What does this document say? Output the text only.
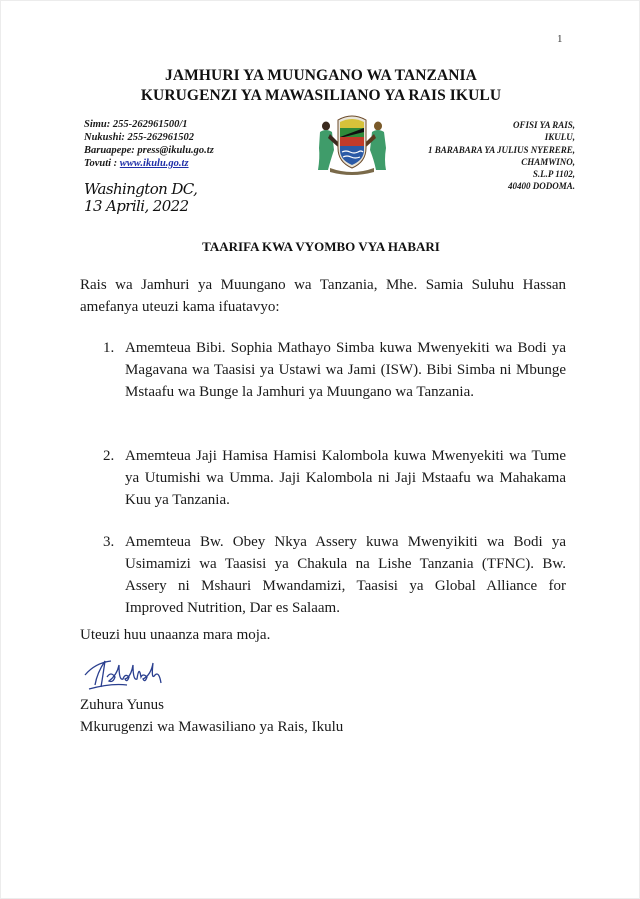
1
JAMHURI YA MUUNGANO WA TANZANIA
KURUGENZI YA MAWASILIANO YA RAIS IKULU
Simu: 255-262961500/1
Nukushi: 255-262961502
Baruapepe: press@ikulu.go.tz
Tovuti : www.ikulu.go.tz
OFISI YA RAIS,
IKULU,
1 BARABARA YA JULIUS NYERERE,
CHAMWINO,
S.L.P 1102,
40400 DODOMA.
Washington DC,
13 Aprili, 2022
TAARIFA KWA VYOMBO VYA HABARI
Rais wa Jamhuri ya Muungano wa Tanzania, Mhe. Samia Suluhu Hassan amefanya uteuzi kama ifuatavyo:
1. Amemteua Bibi. Sophia Mathayo Simba kuwa Mwenyekiti wa Bodi ya Magavana wa Taasisi ya Ustawi wa Jami (ISW). Bibi Simba ni Mbunge Mstaafu wa Bunge la Jamhuri ya Muungano wa Tanzania.
2. Amemteua Jaji Hamisa Hamisi Kalombola kuwa Mwenyekiti wa Tume ya Utumishi wa Umma. Jaji Kalombola ni Jaji Mstaafu wa Mahakama Kuu ya Tanzania.
3. Amemteua Bw. Obey Nkya Assery kuwa Mwenyikiti wa Bodi ya Usimamizi wa Taasisi ya Chakula na Lishe Tanzania (TFNC). Bw. Assery ni Mshauri Mwandamizi, Taasisi ya Global Alliance for Improved Nutrition, Dar es Salaam.
Uteuzi huu unaanza mara moja.
Zuhura Yunus
Mkurugenzi wa Mawasiliano ya Rais, Ikulu
